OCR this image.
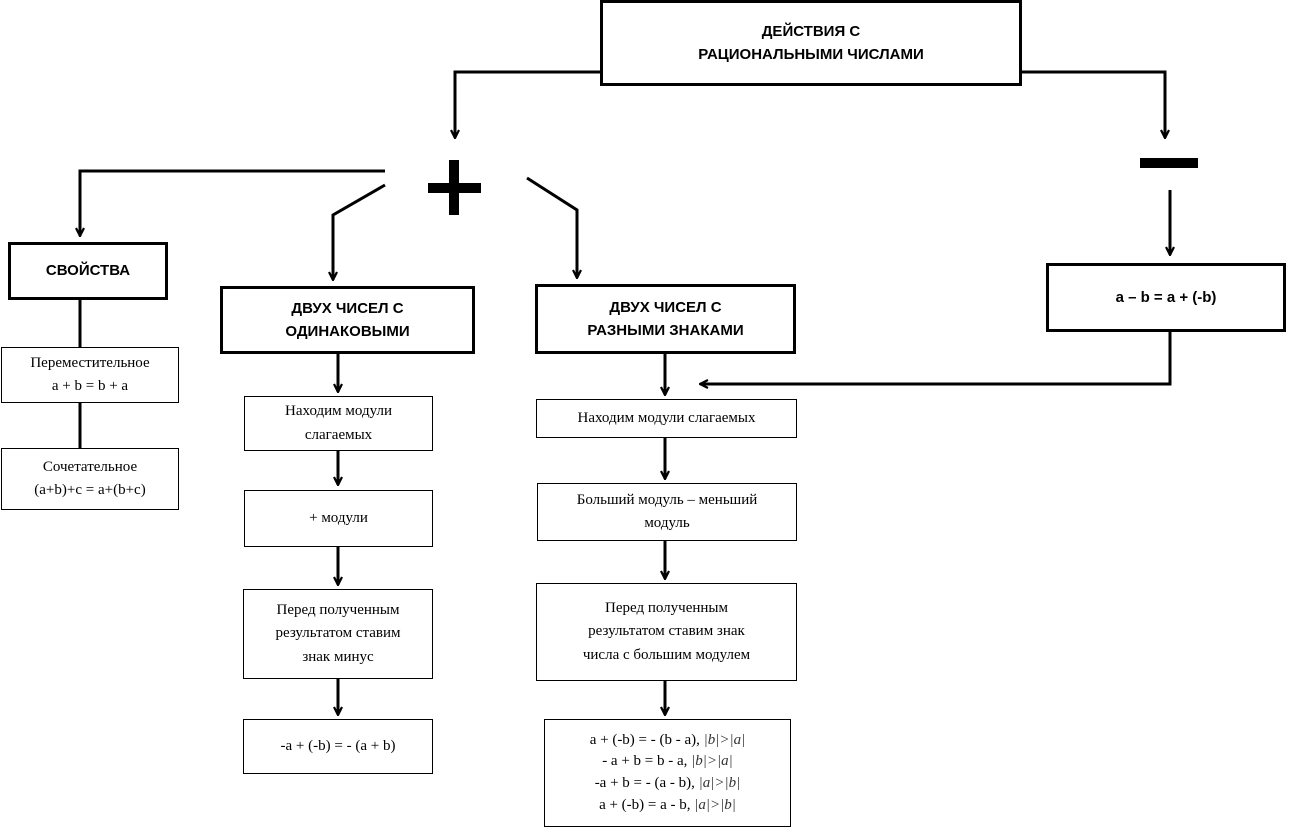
ДЕЙСТВИЯ С
РАЦИОНАЛЬНЫМИ ЧИСЛАМИ
СВОЙСТВА
Переместительное
a + b = b + a
Сочетательное
(a+b)+c = a+(b+c)
ДВУХ ЧИСЕЛ С
ОДИНАКОВЫМИ
Находим модули
слагаемых
+ модули
Перед полученным
результатом ставим
знак минус
-a + (-b) = - (a + b)
ДВУХ ЧИСЕЛ С
РАЗНЫМИ ЗНАКАМИ
Находим модули слагаемых
Больший модуль – меньший
модуль
Перед полученным
результатом ставим знак
числа с большим модулем
a + (-b) = - (b - a), |b|>|a|
- a + b = b - a, |b|>|a|
-a + b = - (a - b), |a|>|b|
a + (-b) = a - b, |a|>|b|
a – b = a + (-b)
